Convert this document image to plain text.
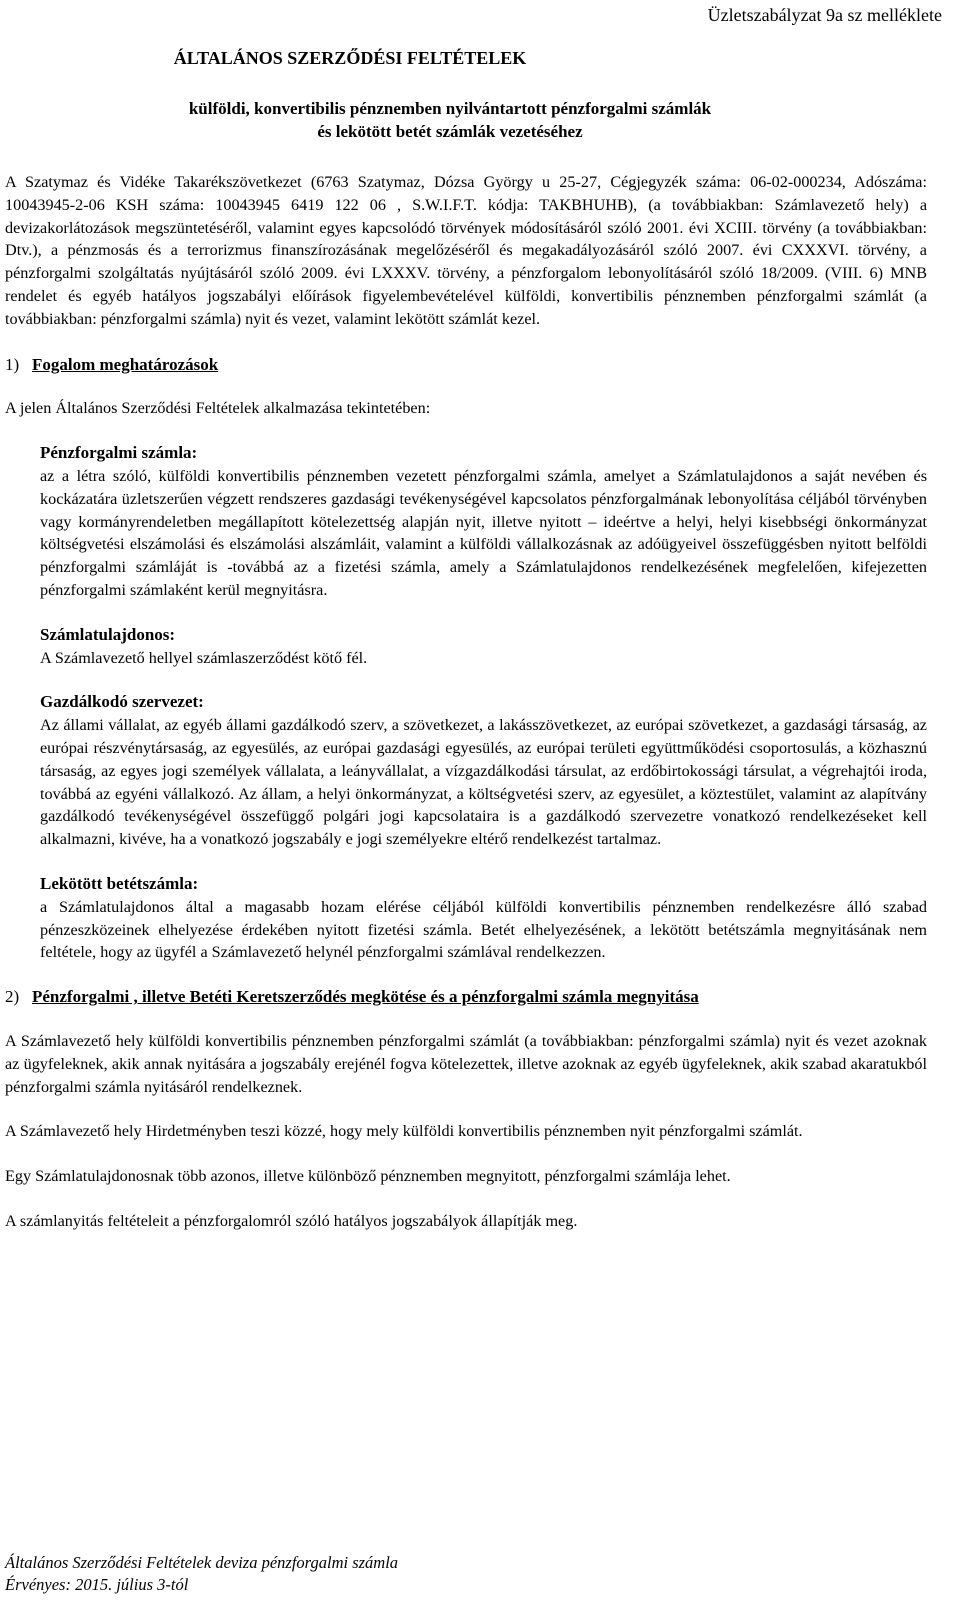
Üzletszabályzat 9a sz melléklete
ÁLTALÁNOS SZERZŐDÉSI FELTÉTELEK
külföldi, konvertibilis pénznemben nyilvántartott pénzforgalmi számlák
és lekötött betét számlák vezetéséhez

A Szatymaz és Vidéke Takarékszövetkezet (6763 Szatymaz, Dózsa György u 25-27, Cégjegyzék száma: 06-02-000234, Adószáma: 10043945-2-06 KSH száma: 10043945 6419 122 06 , S.W.I.F.T. kódja: TAKBHUHB), (a továbbiakban: Számlavezető hely) a devizakorlátozások megszüntetéséről, valamint egyes kapcsolódó törvények módosításáról szóló 2001. évi XCIII. törvény (a továbbiakban: Dtv.), a pénzmosás és a terrorizmus finanszírozásának megelőzéséről és megakadályozásáról szóló 2007. évi CXXXVI. törvény, a pénzforgalmi szolgáltatás nyújtásáról szóló 2009. évi LXXXV. törvény, a pénzforgalom lebonyolításáról szóló 18/2009. (VIII. 6) MNB rendelet és egyéb hatályos jogszabályi előírások figyelembevételével külföldi, konvertibilis pénznemben pénzforgalmi számlát (a továbbiakban: pénzforgalmi számla) nyit és vezet, valamint lekötött számlát kezel.

1) Fogalom meghatározások

A jelen Általános Szerződési Feltételek alkalmazása tekintetében:

Pénzforgalmi számla:

az a létra szóló, külföldi konvertibilis pénznemben vezetett pénzforgalmi számla, amelyet a Számlatulajdonos a saját nevében és kockázatára üzletszerűen végzett rendszeres gazdasági tevékenységével kapcsolatos pénzforgalmának lebonyolítása céljából törvényben vagy kormányrendeletben megállapított kötelezettség alapján nyit, illetve nyitott – ideértve a helyi, helyi kisebbségi önkormányzat költségvetési elszámolási és elszámolási alszámláit, valamint a külföldi vállalkozásnak az adóügyeivel összefüggésben nyitott belföldi pénzforgalmi számláját is -továbbá az a fizetési számla, amely a Számlatulajdonos rendelkezésének megfelelően, kifejezetten pénzforgalmi számlaként kerül megnyitásra.

Számlatulajdonos:

A Számlavezető hellyel számlaszerződést kötő fél.

Gazdálkodó szervezet:

Az állami vállalat, az egyéb állami gazdálkodó szerv, a szövetkezet, a lakásszövetkezet, az európai szövetkezet, a gazdasági társaság, az európai részvénytársaság, az egyesülés, az európai gazdasági egyesülés, az európai területi együttműködési csoportosulás, a közhasznú társaság, az egyes jogi személyek vállalata, a leányvállalat, a vízgazdálkodási társulat, az erdőbirtokossági társulat, a végrehajtói iroda, továbbá az egyéni vállalkozó. Az állam, a helyi önkormányzat, a költségvetési szerv, az egyesület, a köztestület, valamint az alapítvány gazdálkodó tevékenységével összefüggő polgári jogi kapcsolataira is a gazdálkodó szervezetre vonatkozó rendelkezéseket kell alkalmazni, kivéve, ha a vonatkozó jogszabály e jogi személyekre eltérő rendelkezést tartalmaz.

Lekötött betétszámla:

a Számlatulajdonos által a magasabb hozam elérése céljából külföldi konvertibilis pénznemben rendelkezésre álló szabad pénzeszközeinek elhelyezése érdekében nyitott fizetési számla. Betét elhelyezésének, a lekötött betétszámla megnyitásának nem feltétele, hogy az ügyfél a Számlavezető helynél pénzforgalmi számlával rendelkezzen.

2) Pénzforgalmi , illetve Betéti Keretszerződés megkötése és a pénzforgalmi számla megnyitása

A Számlavezető hely külföldi konvertibilis pénznemben pénzforgalmi számlát (a továbbiakban: pénzforgalmi számla) nyit és vezet azoknak az ügyfeleknek, akik annak nyitására a jogszabály erejénél fogva kötelezettek, illetve azoknak az egyéb ügyfeleknek, akik szabad akaratukból pénzforgalmi számla nyitásáról rendelkeznek.

A Számlavezető hely Hirdetményben teszi közzé, hogy mely külföldi konvertibilis pénznemben nyit pénzforgalmi számlát.

Egy Számlatulajdonosnak több azonos, illetve különböző pénznemben megnyitott, pénzforgalmi számlája lehet.

A számlanyitás feltételeit a pénzforgalomról szóló hatályos jogszabályok állapítják meg.

Általános Szerződési Feltételek deviza pénzforgalmi számla
Érvényes: 2015. július 3-tól
